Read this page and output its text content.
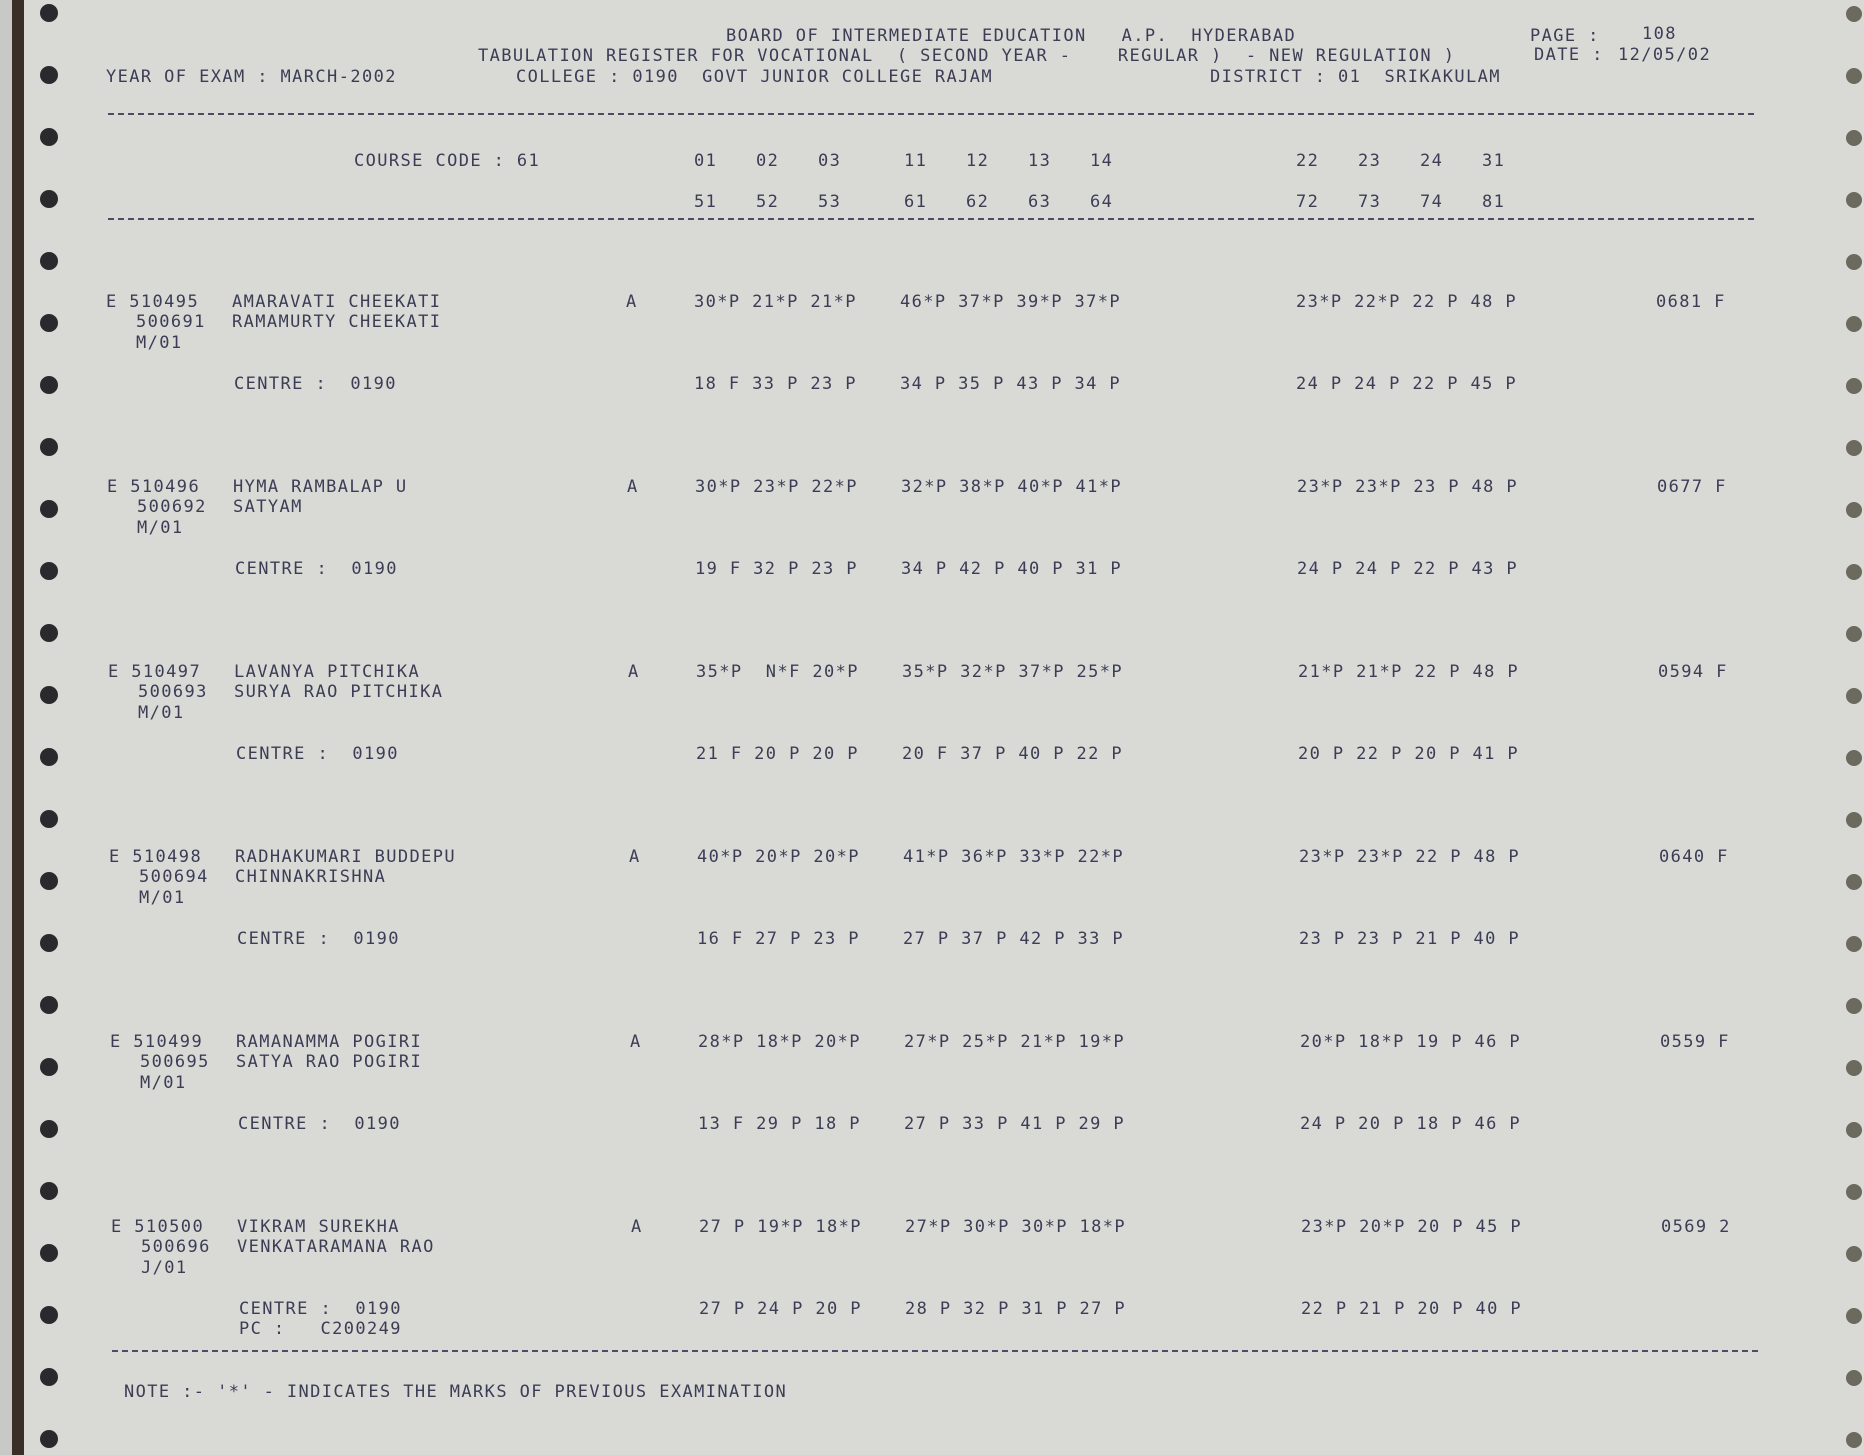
BOARD OF INTERMEDIATE EDUCATION   A.P.  HYDERABAD	PAGE : 108
TABULATION REGISTER FOR VOCATIONAL  ( SECOND YEAR -    REGULAR )  - NEW REGULATION )	DATE : 12/05/02
YEAR OF EXAM : MARCH-2002	COLLEGE : 0190  GOVT JUNIOR COLLEGE RAJAM	DISTRICT : 01  SRIKAKULAM
COURSE CODE : 61	01 02 03	11 12 13 14	22 23 24 31
51 52 53	61 62 63 64	72 73 74 81
E 510495 AMARAVATI CHEEKATI	A	30*P 21*P 21*P	46*P 37*P 39*P 37*P	23*P 22*P 22 P 48 P	0681 F
500691 RAMAMURTY CHEEKATI
M/01
CENTRE :  0190	18 F 33 P 23 P	34 P 35 P 43 P 34 P	24 P 24 P 22 P 45 P
E 510496 HYMA RAMBALAP U	A	30*P 23*P 22*P	32*P 38*P 40*P 41*P	23*P 23*P 23 P 48 P	0677 F
500692 SATYAM
M/01
CENTRE :  0190	19 F 32 P 23 P	34 P 42 P 40 P 31 P	24 P 24 P 22 P 43 P
E 510497 LAVANYA PITCHIKA	A	35*P  N*F 20*P	35*P 32*P 37*P 25*P	21*P 21*P 22 P 48 P	0594 F
500693 SURYA RAO PITCHIKA
M/01
CENTRE :  0190	21 F 20 P 20 P	20 F 37 P 40 P 22 P	20 P 22 P 20 P 41 P
E 510498 RADHAKUMARI BUDDEPU	A	40*P 20*P 20*P	41*P 36*P 33*P 22*P	23*P 23*P 22 P 48 P	0640 F
500694 CHINNAKRISHNA
M/01
CENTRE :  0190	16 F 27 P 23 P	27 P 37 P 42 P 33 P	23 P 23 P 21 P 40 P
E 510499 RAMANAMMA POGIRI	A	28*P 18*P 20*P	27*P 25*P 21*P 19*P	20*P 18*P 19 P 46 P	0559 F
500695 SATYA RAO POGIRI
M/01
CENTRE :  0190	13 F 29 P 18 P	27 P 33 P 41 P 29 P	24 P 20 P 18 P 46 P
E 510500 VIKRAM SUREKHA	A	27 P 19*P 18*P	27*P 30*P 30*P 18*P	23*P 20*P 20 P 45 P	0569 2
500696 VENKATARAMANA RAO
J/01
CENTRE :  0190	27 P 24 P 20 P	28 P 32 P 31 P 27 P	22 P 21 P 20 P 40 P
PC :   C200249
NOTE :- '*' - INDICATES THE MARKS OF PREVIOUS EXAMINATION
